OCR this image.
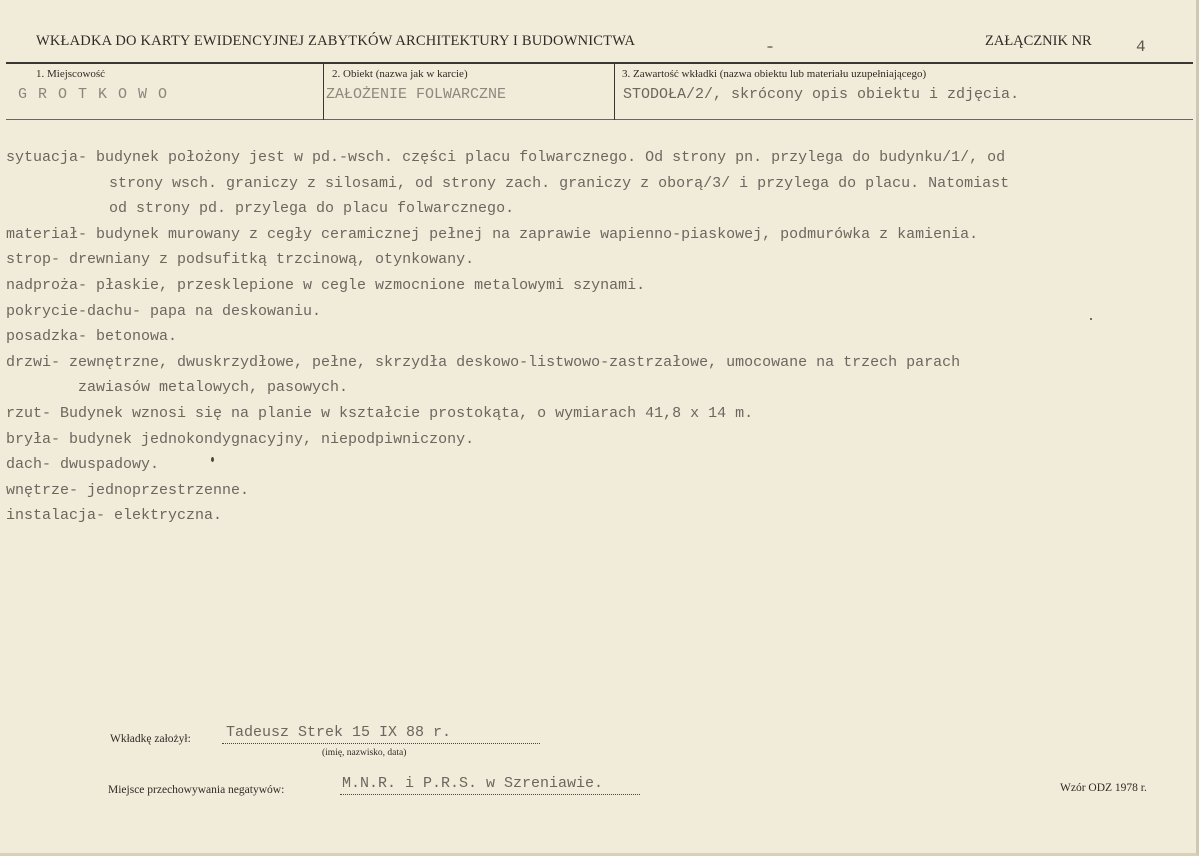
WKŁADKA DO KARTY EWIDENCYJNEJ ZABYTKÓW ARCHITEKTURY I BUDOWNICTWA	ZAŁĄCZNIK NR	4
1. Miejscowość
G R O T K O W O
2. Obiekt (nazwa jak w karcie)
ZAŁOŻENIE FOLWARCZNE
3. Zawartość wkładki (nazwa obiektu lub materiału uzupełniającego)
STODOŁA/2/, skrócony opis obiektu i zdjęcia.
sytuacja- budynek położony jest w pd.-wsch. części placu folwarcznego. Od strony pn. przylega do budynku/1/, od
strony wsch. graniczy z silosami, od strony zach. graniczy z oborą/3/ i przylega do placu. Natomiast
od strony pd. przylega do placu folwarcznego.
materiał- budynek murowany z cegły ceramicznej pełnej na zaprawie wapienno-piaskowej, podmurówka z kamienia.
strop- drewniany z podsufitką trzcinową, otynkowany.
nadproża- płaskie, przesklepione w cegle wzmocnione metalowymi szynami.
pokrycie-dachu- papa na deskowaniu.
posadzka- betonowa.
drzwi- zewnętrzne, dwuskrzydłowe, pełne, skrzydła deskowo-listwowo-zastrzałowe, umocowane na trzech parach
zawiasów metalowych, pasowych.
rzut- Budynek wznosi się na planie w kształcie prostokąta, o wymiarach 41,8 x 14 m.
bryła- budynek jednokondygnacyjny, niepodpiwniczony.
dach- dwuspadowy.
wnętrze- jednoprzestrzenne.
instalacja- elektryczna.
Wkładkę założył: Tadeusz Strek 15 IX 88 r.
(imię, nazwisko, data)
Miejsce przechowywania negatywów:	M.N.R. i P.R.S. w Szreniawie.	Wzór ODZ 1978 r.
